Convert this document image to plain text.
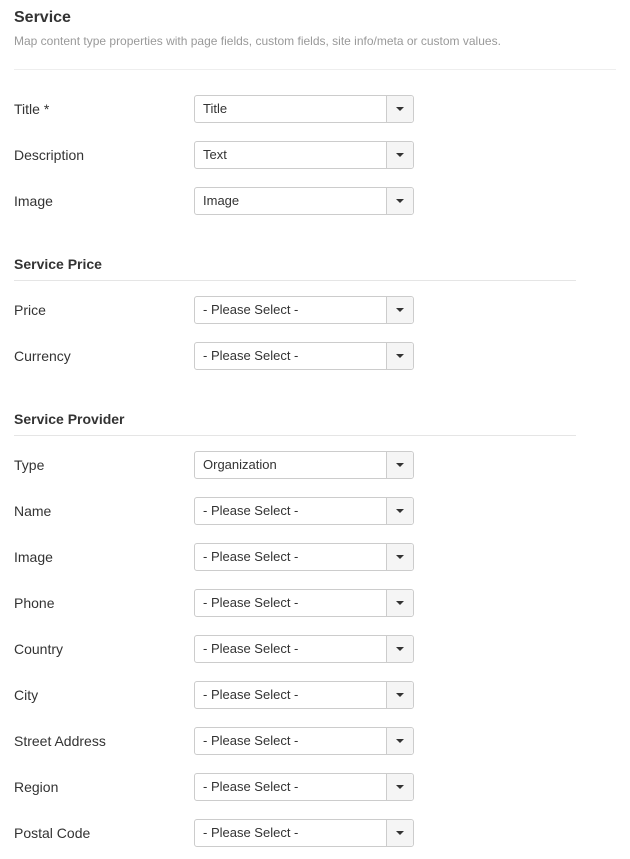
Service
Map content type properties with page fields, custom fields, site info/meta or custom values.
Title *	Title
Description	Text
Image	Image
Service Price
Price	- Please Select -
Currency	- Please Select -
Service Provider
Type	Organization
Name	- Please Select -
Image	- Please Select -
Phone	- Please Select -
Country	- Please Select -
City	- Please Select -
Street Address	- Please Select -
Region	- Please Select -
Postal Code	- Please Select -
